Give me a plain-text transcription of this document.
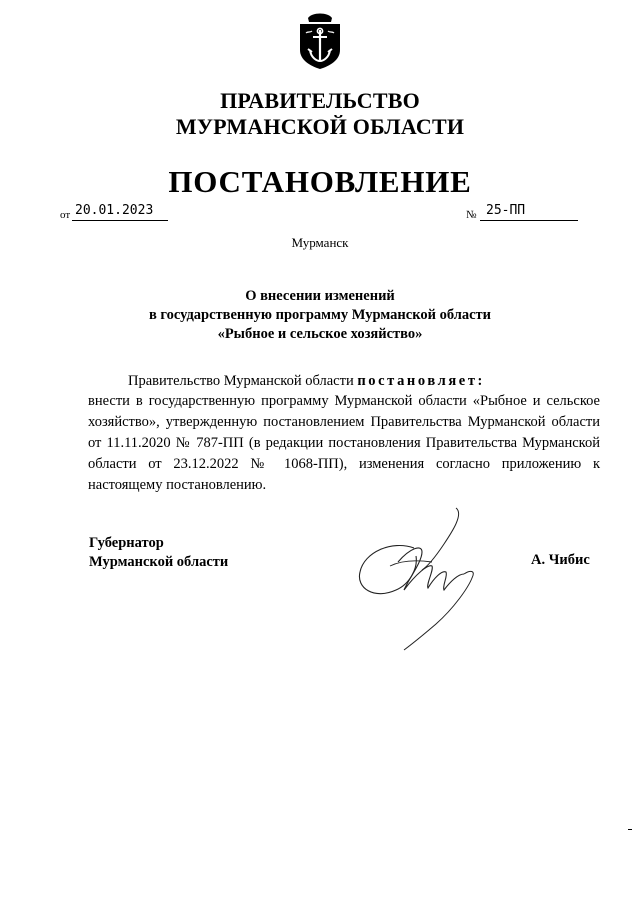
ПРАВИТЕЛЬСТВО
МУРМАНСКОЙ ОБЛАСТИ
ПОСТАНОВЛЕНИЕ
от 20.01.2023	№ 25-ПП
Мурманск
О внесении изменений
в государственную программу Мурманской области
«Рыбное и сельское хозяйство»
Правительство Мурманской области постановляет:
внести в государственную программу Мурманской области «Рыбное и сельское хозяйство», утвержденную постановлением Правительства Мурманской области от 11.11.2020 № 787-ПП (в редакции постановления Правительства Мурманской области от 23.12.2022 № 1068-ПП), изменения согласно приложению к настоящему постановлению.
Губернатор
Мурманской области	А. Чибис
